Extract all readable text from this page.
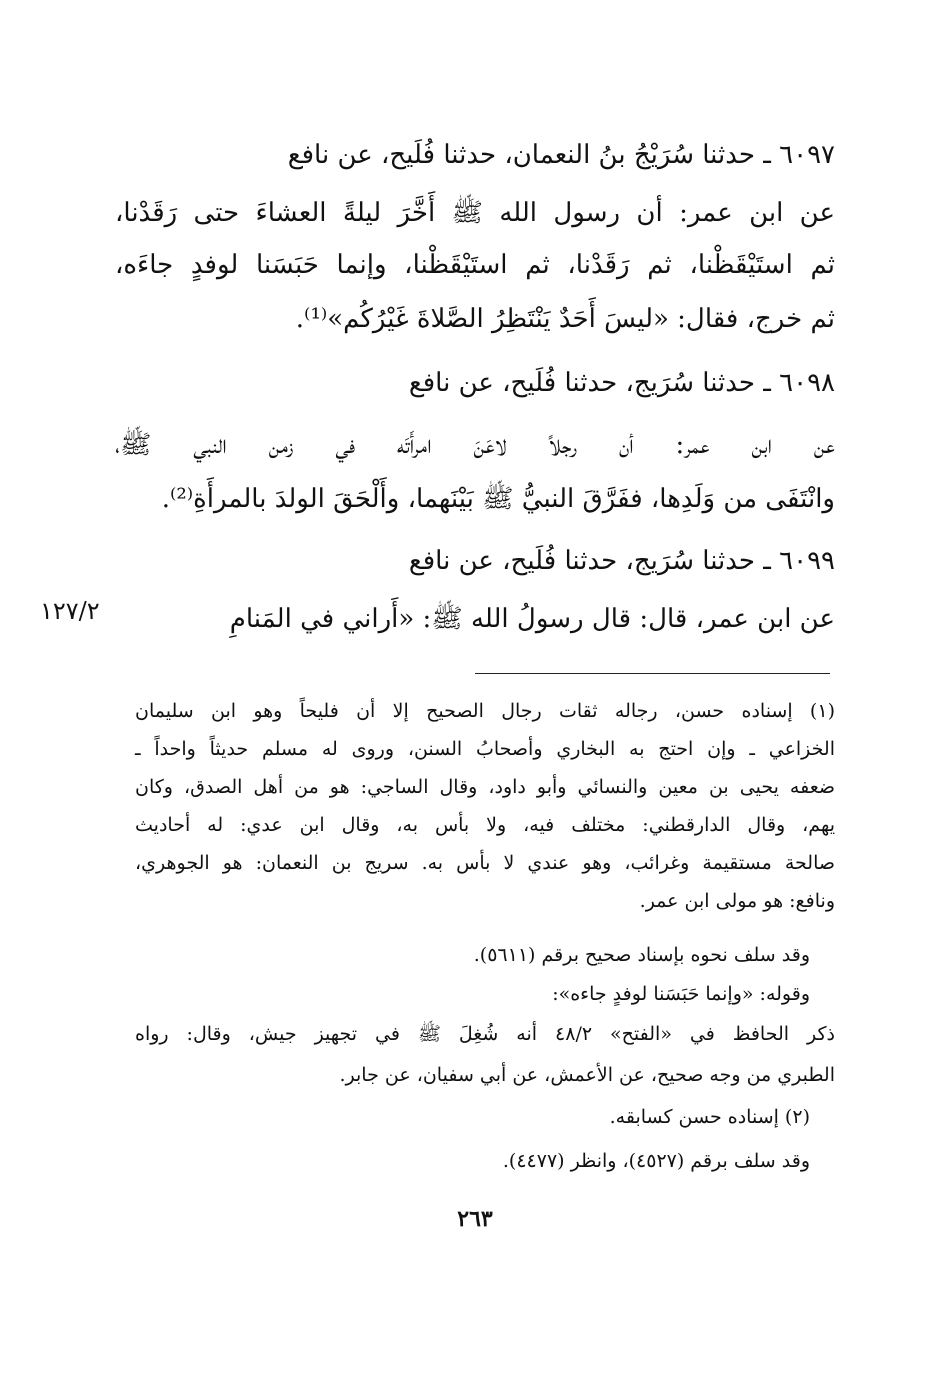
٦٠٩٧ ـ حدثنا سُرَيْجُ بنُ النعمان، حدثنا فُلَيح، عن نافع
عن ابن عمر: أن رسول الله ﷺ أَخَّرَ ليلةً العشاءَ حتى رَقَدْنا،
ثم استَيْقَظْنا، ثم رَقَدْنا، ثم استَيْقَظْنا، وإنما حَبَسَنا لوفدٍ جاءَه،
ثم خرج، فقال: «ليسَ أَحَدٌ يَنْتَظِرُ الصَّلاةَ غَيْرُكُم»⁽¹⁾.
٦٠٩٨ ـ حدثنا سُرَيج، حدثنا فُلَيح، عن نافع
عن ابن عمر: أن رجلاً لاعَنَ امرأَتَه في زمن النبي ﷺ،
وانْتَفَى من وَلَدِها، ففَرَّقَ النبيُّ ﷺ بَيْنَهما، وأَلْحَقَ الولدَ بالمرأَةِ⁽²⁾.
٦٠٩٩ ـ حدثنا سُرَيج، حدثنا فُلَيح، عن نافع
عن ابن عمر، قال: قال رسولُ الله ﷺ: «أَراني في المَنامِ
١٢٧/٢
(١) إسناده حسن، رجاله ثقات رجال الصحيح إلا أن فليحاً وهو ابن سليمان
الخزاعي ـ وإن احتج به البخاري وأصحابُ السنن، وروى له مسلم حديثاً واحداً ـ
ضعفه يحيى بن معين والنسائي وأبو داود، وقال الساجي: هو من أهل الصدق، وكان
يهم، وقال الدارقطني: مختلف فيه، ولا بأس به، وقال ابن عدي: له أحاديث
صالحة مستقيمة وغرائب، وهو عندي لا بأس به. سريج بن النعمان: هو الجوهري،
ونافع: هو مولى ابن عمر.
وقد سلف نحوه بإسناد صحيح برقم (٥٦١١).
وقوله: «وإنما حَبَسَنا لوفدٍ جاءه»:
ذكر الحافظ في «الفتح» ٤٨/٢ أنه شُغِلَ ﷺ في تجهيز جيش، وقال: رواه
الطبري من وجه صحيح، عن الأعمش، عن أبي سفيان، عن جابر.
(٢) إسناده حسن كسابقه.
وقد سلف برقم (٤٥٢٧)، وانظر (٤٤٧٧).
٢٦٣
